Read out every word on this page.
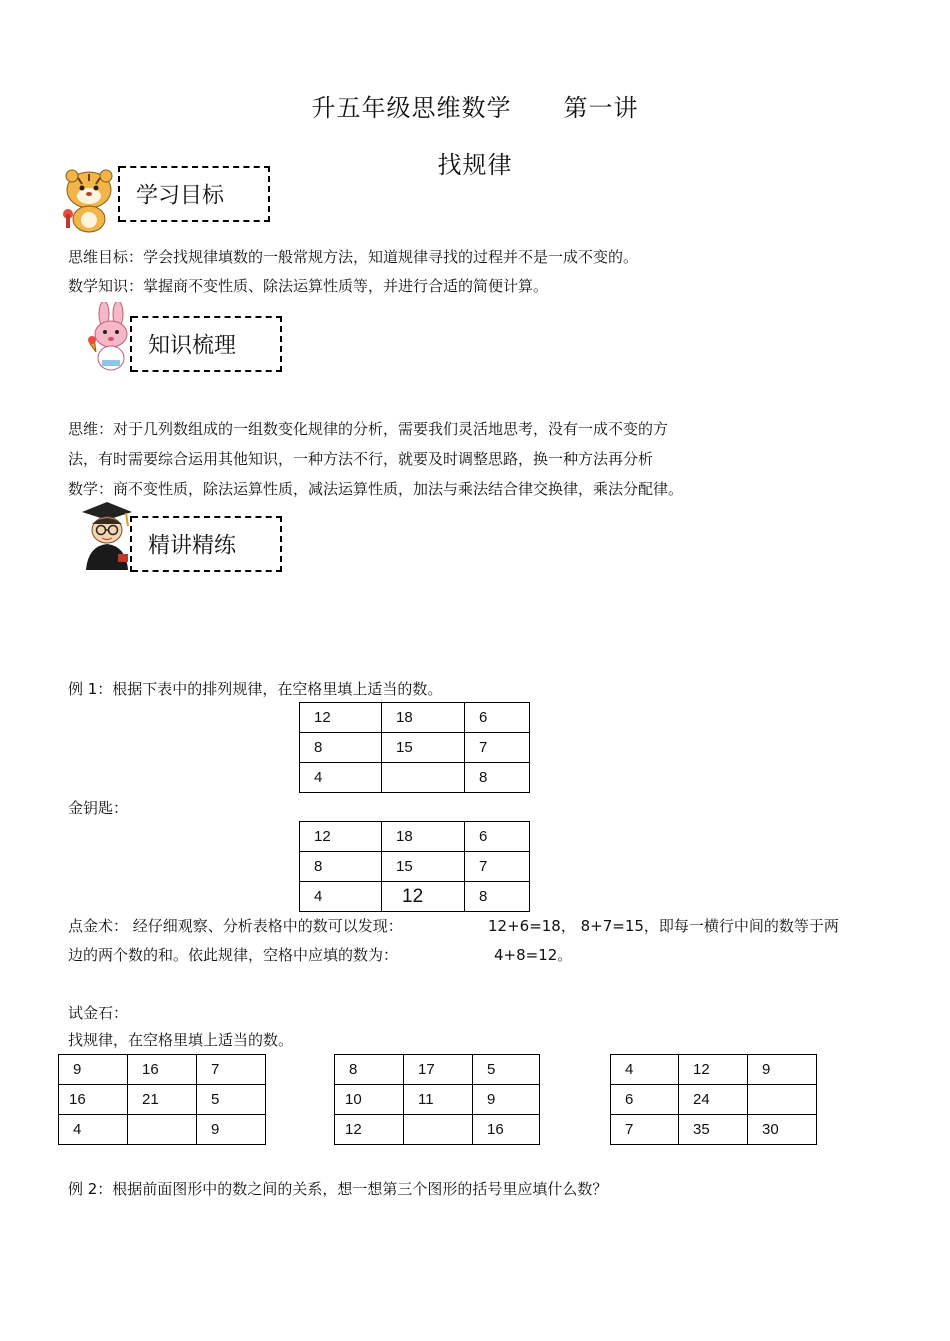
升五年级思维数学 第一讲
找规律
学习目标
思维目标：学会找规律填数的一般常规方法，知道规律寻找的过程并不是一成不变的。
数学知识：掌握商不变性质、除法运算性质等，并进行合适的简便计算。
知识梳理
思维：对于几列数组成的一组数变化规律的分析，需要我们灵活地思考，没有一成不变的方
法，有时需要综合运用其他知识，一种方法不行，就要及时调整思路，换一种方法再分析
数学：商不变性质，除法运算性质，减法运算性质，加法与乘法结合律交换律，乘法分配律。
精讲精练
例 1：根据下表中的排列规律，在空格里填上适当的数。
12	18	6
8	15	7
4		8
金钥匙：
12	18	6
8	15	7
4	12	8
点金术： 经仔细观察、分析表格中的数可以发现：	12+6=18， 8+7=15，即每一横行中间的数等于两
边的两个数的和。依此规律，空格中应填的数为：	4+8=12。
试金石：
找规律，在空格里填上适当的数。
9	16	7
16	21	5
4		9
8	17	5
10	11	9
12		16
4	12	9
6	24	
7	35	30
例 2：根据前面图形中的数之间的关系，想一想第三个图形的括号里应填什么数？
